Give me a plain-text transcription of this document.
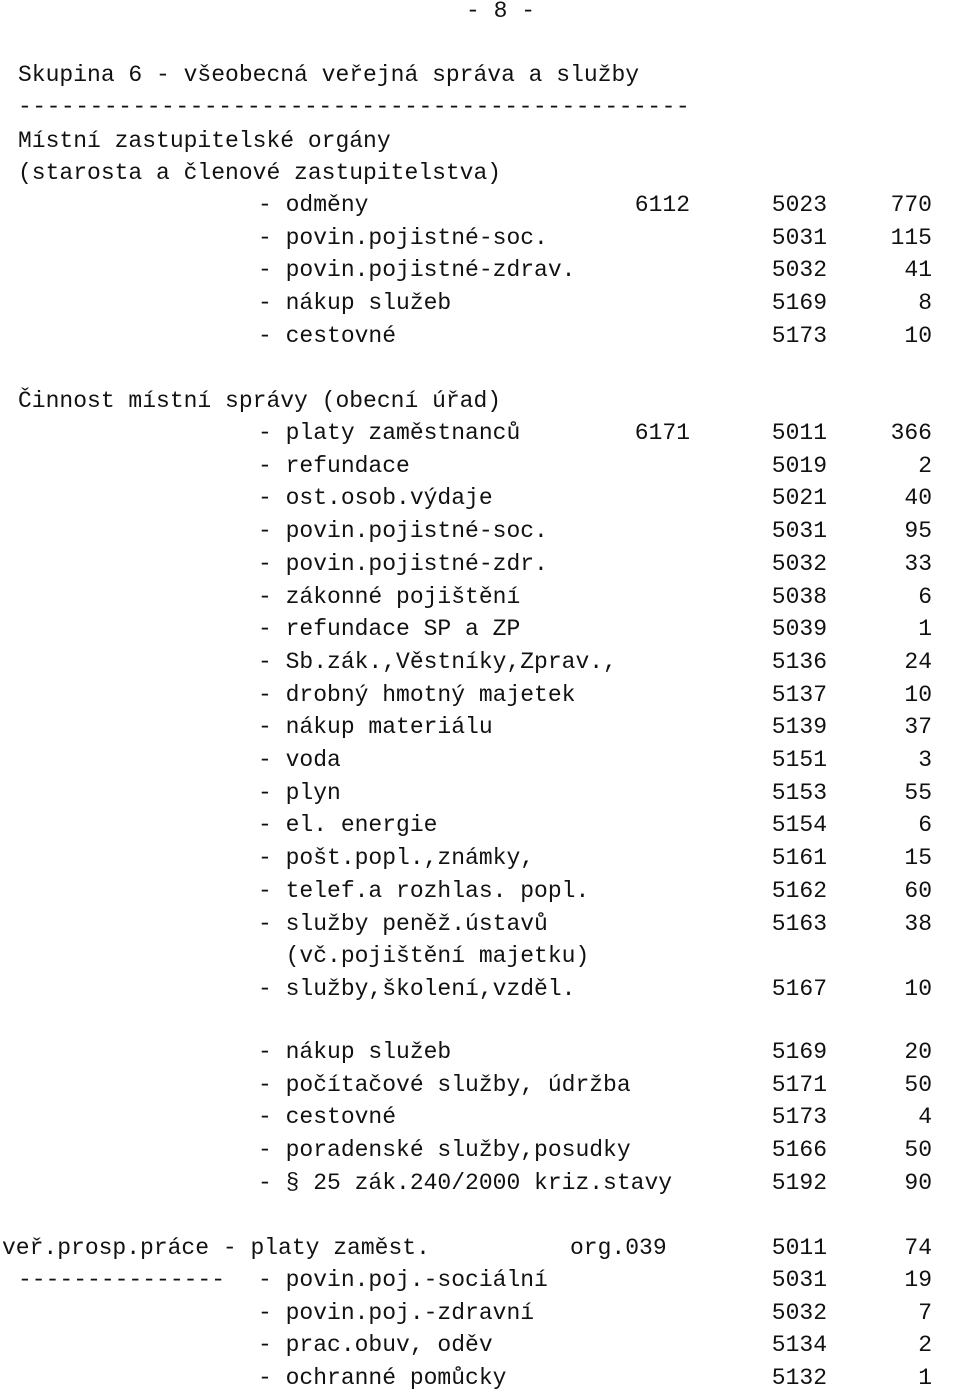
- 8 -
Skupina 6 - všeobecná veřejná správa a služby
-----------------------------------------------
Místní zastupitelské orgány
(starosta a členové zastupitelstva)
- odměny	6112	5023	770
- povin.pojistné-soc.	5031	115
- povin.pojistné-zdrav.	5032	41
- nákup služeb	5169	8
- cestovné	5173	10
Činnost místní správy (obecní úřad)
- platy zaměstnanců	6171	5011	366
- refundace	5019	2
- ost.osob.výdaje	5021	40
- povin.pojistné-soc.	5031	95
- povin.pojistné-zdr.	5032	33
- zákonné pojištění	5038	6
- refundace SP a ZP	5039	1
- Sb.zák.,Věstníky,Zprav.,	5136	24
- drobný hmotný majetek	5137	10
- nákup materiálu	5139	37
- voda	5151	3
- plyn	5153	55
- el. energie	5154	6
- pošt.popl.,známky,	5161	15
- telef.a rozhlas. popl.	5162	60
- služby peněž.ústavů	5163	38
(vč.pojištění majetku)
- služby,školení,vzděl.	5167	10
- nákup služeb	5169	20
- počítačové služby, údržba	5171	50
- cestovné	5173	4
- poradenské služby,posudky	5166	50
- § 25 zák.240/2000 kriz.stavy	5192	90
veř.prosp.práce - platy zaměst.	org.039	5011	74
--------------- - povin.poj.-sociální	5031	19
- povin.poj.-zdravní	5032	7
- prac.obuv, oděv	5134	2
- ochranné pomůcky	5132	1
